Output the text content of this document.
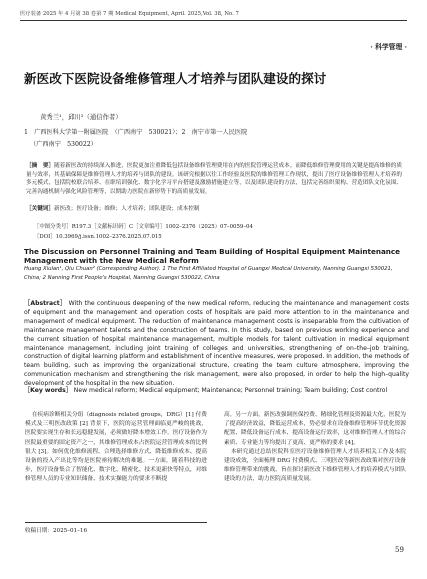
医疗装备 2025 年 4 月第 38 卷第 7 期 Medical Equipment, April. 2025,Vol. 38, No. 7
· 科学管理 ·
新医改下医院设备维修管理人才培养与团队建设的探讨
黄秀兰¹，邱川²（通信作者）
1　广西医科大学第一附属医院　（广西南宁　530021）；2　南宁市第一人民医院
（广西南宁　530022）
［摘　要］随着新医改的持续深入推进，医院更加注重降低包括设备维修管理费用在内的医院管理运营成本。而降低维修管理费用的关键是提高维修的质量与效率，其基础保障是维修管理人才的培养与团队的建设。该研究根据以往工作经验及医院的维修管理工作现状，提出了医疗设备维修管理人才培养的多元模式，包括院校联合培养、在职培训强化、数字化学习平台搭建及激励措施建立等，以及团队建设的方法，包括完善组织架构、营造团队文化氛围、完善沟通机制与强化风险管理等，以期助力医院在新形势下的高质量发展。
［关键词］新医改；医疗设备；维修；人才培养；团队建设；成本控制
［中图分类号］R197.3［文献标识码］C［文章编号］1002–2376（2025）07–0059–04
［DOI］10.3969/j.issn.1002–2376.2025.07.015
The Discussion on Personnel Training and Team Building of Hospital Equipment Maintenance Management with the New Medical Reform
Huang Xiulan¹, Qiu Chuan² (Corresponding Author). 1 The First Affiliated Hospital of Guangxi Medical University, Nanning Guangxi 530021, China; 2 Nanning First People's Hospital, Nanning Guangxi 530022, China
［Abstract］ With the continuous deepening of the new medical reform, reducing the maintenance and management costs of equipment and the management and operation costs of hospitals are paid more attention to in the maintenance and management of medical equipment. The reduction of maintenance management costs is inseparable from the cultivation of maintenance management talents and the construction of teams. In this study, based on previous working experience and the current situation of hospital maintenance management, multiple models for talent cultivation in medical equipment maintenance management, including joint training of colleges and universities, strengthening of on–the–job training, construction of digital learning platform and establishment of incentive measures, were proposed. In addition, the methods of team building, such as improving the organizational structure, creating the team culture atmosphere, improving the communication mechanism and strengthening the risk management, were also proposed, in order to help the high–quality development of the hospital in the new situation.
［Key words］ New medical reform; Medical equipment; Maintenance; Personnel training; Team building; Cost control

在疾病诊断相关分组（diagnosis related groups，DRG）[1] 付费模式及三明医改政策 [2] 背景下，医院的运营管理面临更严峻的挑战，医院要实现生存和长远稳健发展，必须做好降本增效工作。医疗设备作为医院最重要的固定资产之一，其维修管理成本占医院运营管理成本的比例很大 [3]。如何优化维修流程、合理选择维修方式、降低维修成本、提高设备的投入产出比等均是医院亟待解决的难题。一方面，随着科技的进步，医疗设备集合了智能化、数字化、精密化、技术更新快等特点，对维修管理人员的专业知识储备、技术实操能力的要求不断提

高。另一方面，新医改强调医保控费、精细化管理及资源最大化，医院为了提高经济效益，降低运营成本，势必要求在设备维修管理环节优化资源配置、降低设备运行成本、提高设备运行效率，这对维修管理人才的综合素质、专业能力等均提出了更高、更严格的要求 [4]。

本研究通过总结医院科室医疗设备维修管理人才培养相关工作及本院建设成效，全面梳理 DRG 付费模式、三明医改等新医改政策对医疗设备维修管理带来的挑战，旨在探讨新医改下维修管理人才的培养模式与团队建设的方法，助力医院高质量发展。

收稿日期：2025–01–16
59
